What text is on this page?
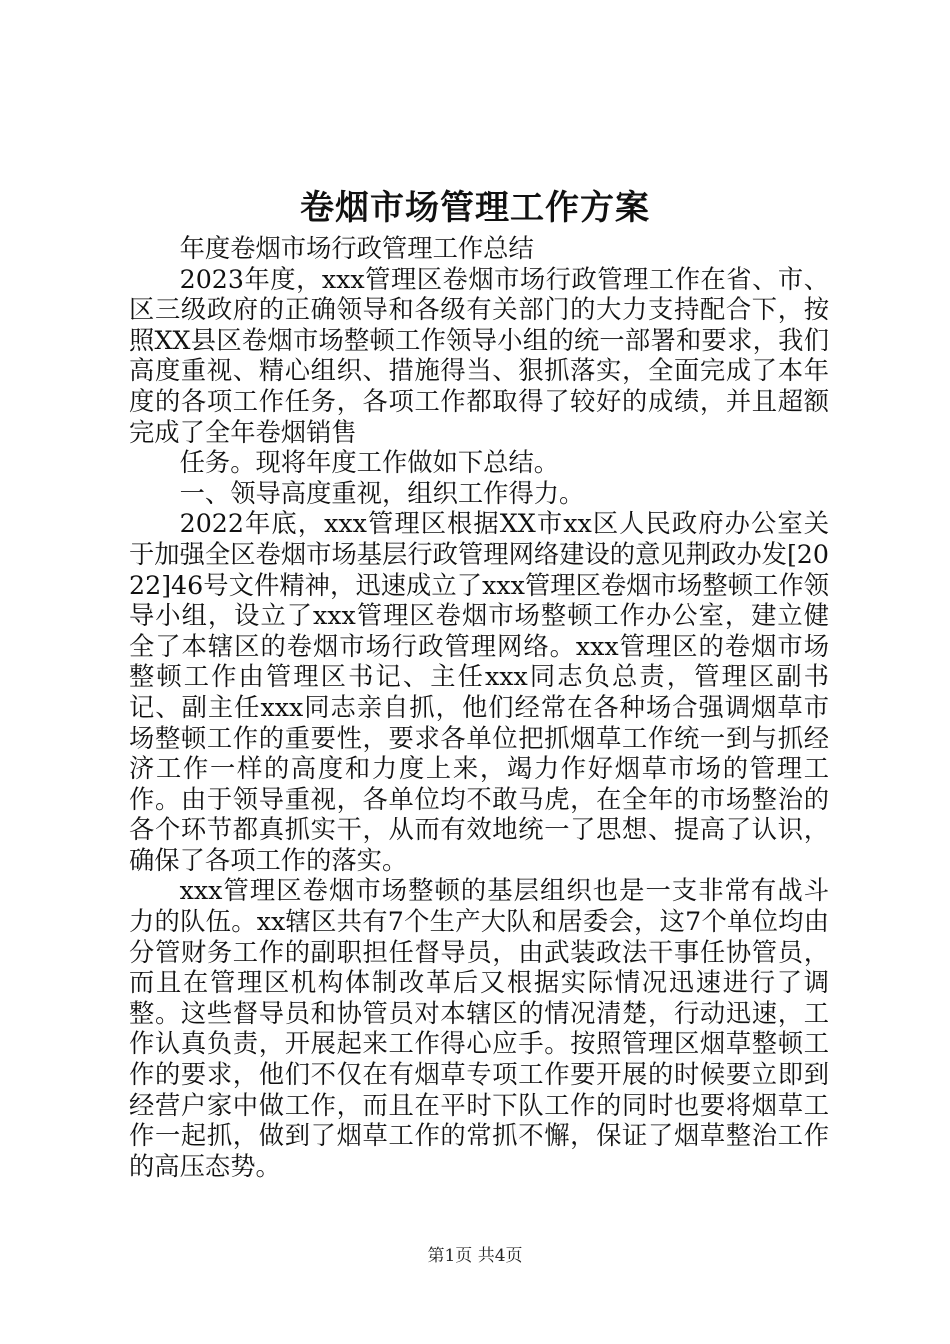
卷烟市场管理工作方案

年度卷烟市场行政管理工作总结

2023年度，xxx管理区卷烟市场行政管理工作在省、市、区三级政府的正确领导和各级有关部门的大力支持配合下，按照XX县区卷烟市场整顿工作领导小组的统一部署和要求，我们高度重视、精心组织、措施得当、狠抓落实，全面完成了本年度的各项工作任务，各项工作都取得了较好的成绩，并且超额完成了全年卷烟销售

任务。现将年度工作做如下总结。

一、领导高度重视，组织工作得力。

2022年底，xxx管理区根据XX市xx区人民政府办公室关于加强全区卷烟市场基层行政管理网络建设的意见荆政办发[2022]46号文件精神，迅速成立了xxx管理区卷烟市场整顿工作领导小组，设立了xxx管理区卷烟市场整顿工作办公室，建立健全了本辖区的卷烟市场行政管理网络。xxx管理区的卷烟市场整顿工作由管理区书记、主任xxx同志负总责，管理区副书记、副主任xxx同志亲自抓，他们经常在各种场合强调烟草市场整顿工作的重要性，要求各单位把抓烟草工作统一到与抓经济工作一样的高度和力度上来，竭力作好烟草市场的管理工作。由于领导重视，各单位均不敢马虎，在全年的市场整治的各个环节都真抓实干，从而有效地统一了思想、提高了认识，确保了各项工作的落实。

xxx管理区卷烟市场整顿的基层组织也是一支非常有战斗力的队伍。xx辖区共有7个生产大队和居委会，这7个单位均由分管财务工作的副职担任督导员，由武装政法干事任协管员，而且在管理区机构体制改革后又根据实际情况迅速进行了调整。这些督导员和协管员对本辖区的情况清楚，行动迅速，工作认真负责，开展起来工作得心应手。按照管理区烟草整顿工作的要求，他们不仅在有烟草专项工作要开展的时候要立即到经营户家中做工作，而且在平时下队工作的同时也要将烟草工作一起抓，做到了烟草工作的常抓不懈，保证了烟草整治工作的高压态势。

第1页 共4页
